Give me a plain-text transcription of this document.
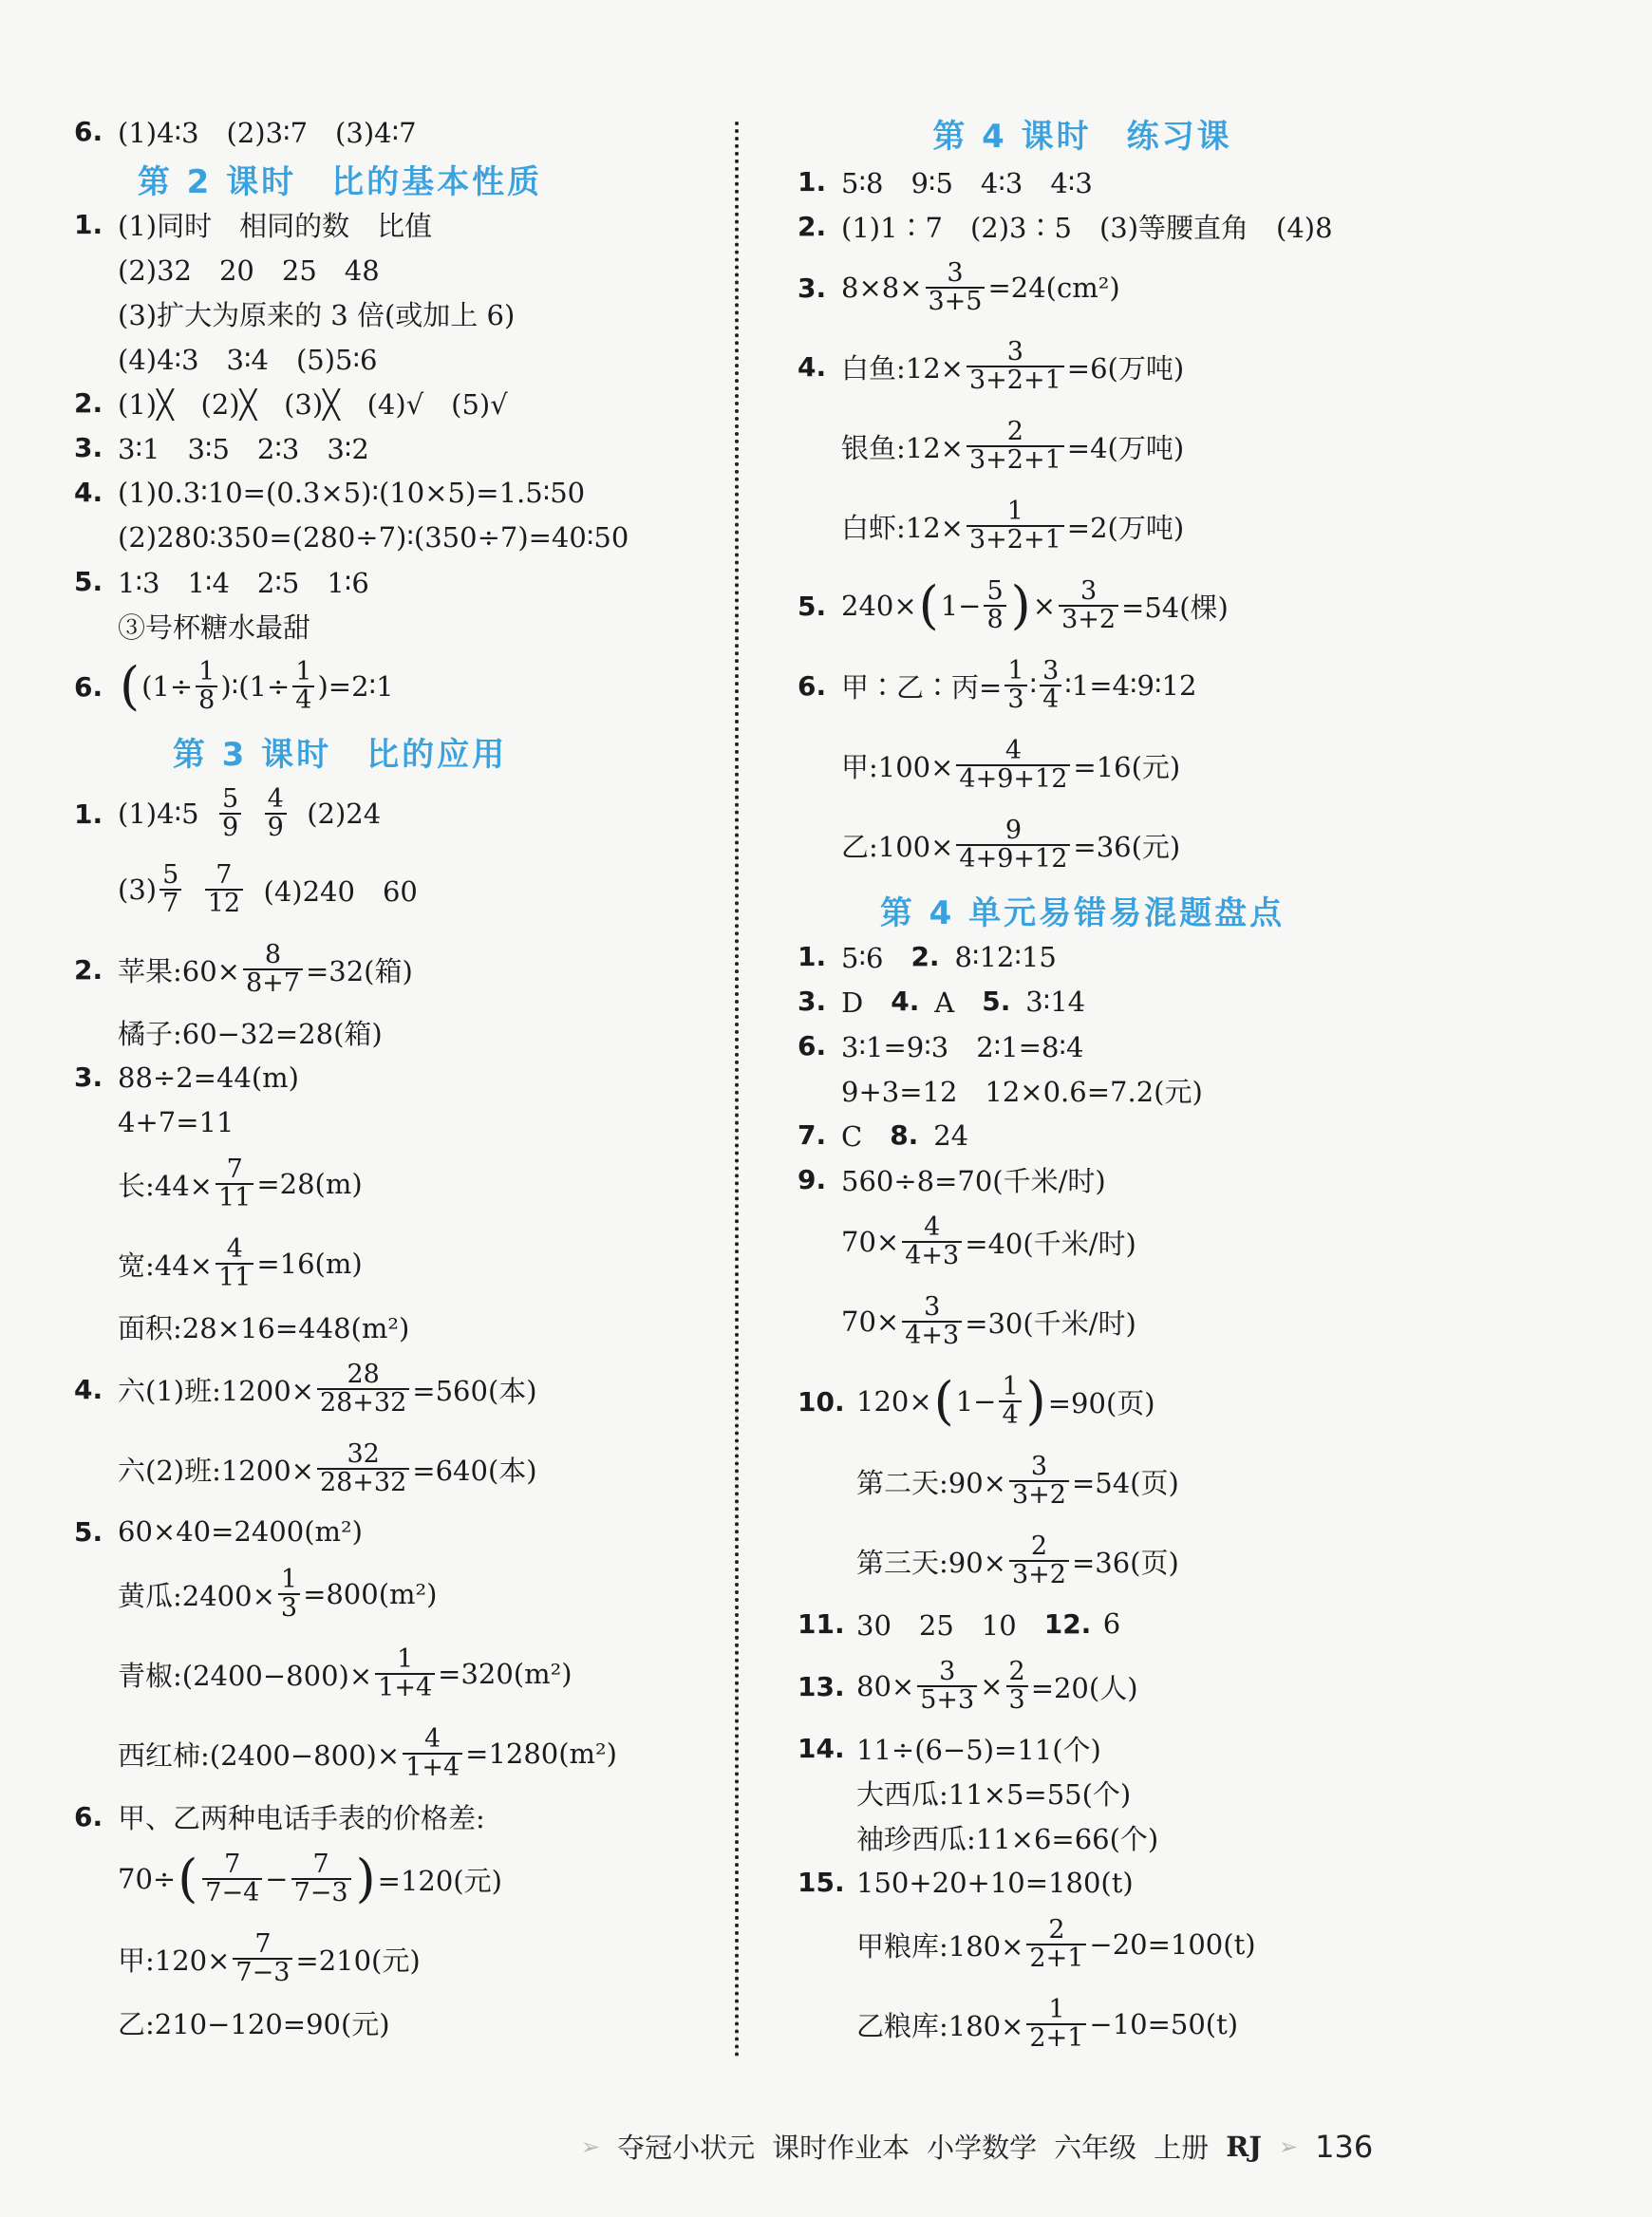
6. (1)4∶3　(2)3∶7　(3)4∶7
第 2 课时　比的基本性质
1. (1)同时　相同的数　比值
(2)32　20　25　48
(3)扩大为原来的 3 倍(或加上 6)
(4)4∶3　3∶4　(5)5∶6
2. (1)╳　(2)╳　(3)╳　(4)√　(5)√
3. 3∶1　3∶5　2∶3　3∶2
4. (1)0.3∶10=(0.3×5)∶(10×5)=1.5∶50
(2)280∶350=(280÷7)∶(350÷7)=40∶50
5. 1∶3　1∶4　2∶5　1∶6
③号杯糖水最甜
6. ( ($1\div \frac{1}{8}$ )∶(1÷ $\frac{1}{4}$ )=2∶1
第 3 课时　比的应用
1. (1)4∶5
$\frac{5}{9}$
$\frac{4}{9}$
(2)24
$(3) \frac{5}{7}$
$\frac{7}{12}$
(4)240　60
2. 苹果:60× $\frac{8}{8+7} =32$(箱)
橘子:60−32=28(箱)
3. 88÷2=44(m)
4+7=11
长:44× $\frac{7}{11} =28(m)$
宽:44× $\frac{4}{11} =16(m)$
面积:28×16=448(m²)
4. 六(1)班:1200× $\frac{28}{28+32} =560$(本)
六(2)班:1200× $\frac{32}{28+32} =640$(本)
5. 60×40=2400(m²)
黄瓜:2400× $\frac{1}{3} =800(m^2)$
青椒:(2400−800)× $\frac{1}{1+4} =320(m^2)$
西红柿:(2400−800)× $\frac{4}{1+4} =1280(m^2)$
6. 甲、乙两种电话手表的价格差:
70÷ ( $\frac{7}{7-4} - \frac{7}{7-3}$ ) =120(元)
甲:120× $\frac{7}{7-3} =210$(元)
乙:210−120=90(元)
第 4 课时　练习课
1. 5∶8　9∶5　4∶3　4∶3
2. (1)1∶7　(2)3∶5　(3)等腰直角　(4)8
3. $8\times 8\times \frac{3}{3+5} =24(cm^2)$
4. 白鱼:12× $\frac{3}{3+2+1} =6$(万吨)
银鱼:12× $\frac{2}{3+2+1} =4$(万吨)
白虾:12× $\frac{1}{3+2+1} =2$(万吨)
5. 240× ( $1- \frac{5}{8}$ ) × $\frac{3}{3+2} =54$(棵)
6. 甲∶乙∶丙= $\frac{1}{3}$ ∶ $\frac{3}{4}$ ∶1=4∶9∶12
甲:100× $\frac{4}{4+9+12} =16$(元)
乙:100× $\frac{9}{4+9+12} =36$(元)
第 4 单元易错易混题盘点
1. 5∶6　 2. 8∶12∶15
3. D　 4. A　 5. 3∶14
6. 3∶1=9∶3　2∶1=8∶4
9+3=12　12×0.6=7.2(元)
7. C　 8. 24
9. 560÷8=70(千米/时)
$70\times \frac{4}{4+3} =40$(千米/时)
$70\times \frac{3}{4+3} =30$(千米/时)
10. 120× ( $1- \frac{1}{4}$ ) =90(页)
第二天:90× $\frac{3}{3+2} =54$(页)
第三天:90× $\frac{2}{3+2} =36$(页)
11. 30　25　10　 12. 6
13. $80\times \frac{3}{5+3} \times \frac{2}{3} =20$(人)
14. 11÷(6−5)=11(个)
大西瓜:11×5=55(个)
袖珍西瓜:11×6=66(个)
15. 150+20+10=180(t)
甲粮库:180× $\frac{2}{2+1} -20=100(t)$
乙粮库:180× $\frac{1}{2+1} -10=50(t)$
➢ 夺冠小状元 课时作业本 小学数学 六年级 上册 RJ ➢ 136
